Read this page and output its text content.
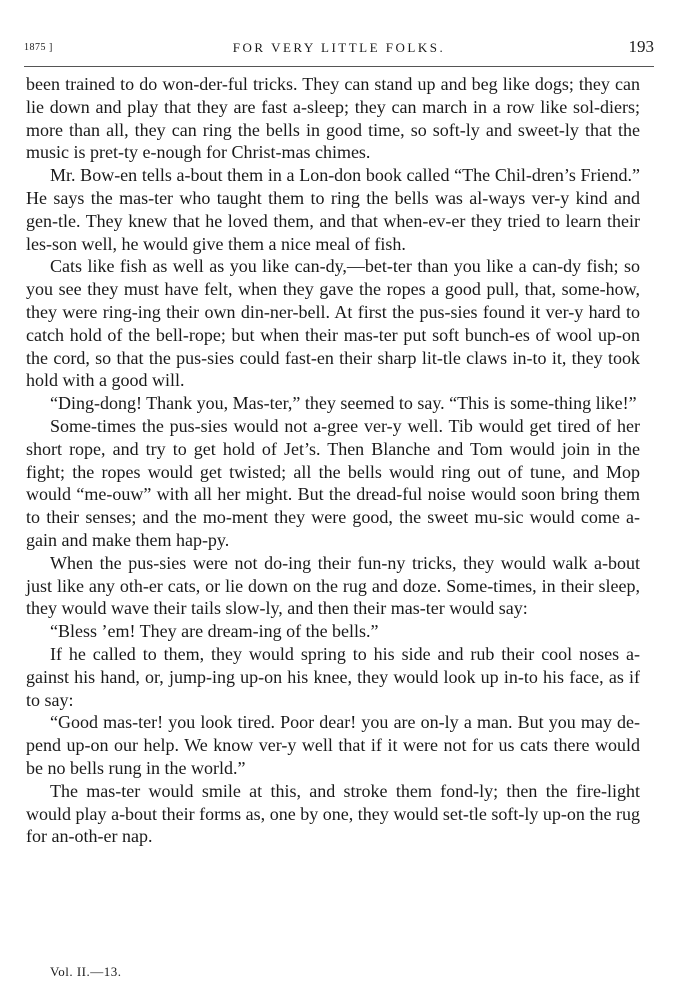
1875 ]	FOR VERY LITTLE FOLKS.	193

been trained to do won-der-ful tricks. They can stand up and beg like dogs; they can lie down and play that they are fast a-sleep; they can march in a row like sol-diers; more than all, they can ring the bells in good time, so soft-ly and sweet-ly that the music is pret-ty e-nough for Christ-mas chimes.

Mr. Bow-en tells a-bout them in a Lon-don book called “The Chil-dren’s Friend.” He says the mas-ter who taught them to ring the bells was al-ways ver-y kind and gen-tle. They knew that he loved them, and that when-ev-er they tried to learn their les-son well, he would give them a nice meal of fish.

Cats like fish as well as you like can-dy,—bet-ter than you like a can-dy fish; so you see they must have felt, when they gave the ropes a good pull, that, some-how, they were ring-ing their own din-ner-bell. At first the pus-sies found it ver-y hard to catch hold of the bell-rope; but when their mas-ter put soft bunch-es of wool up-on the cord, so that the pus-sies could fast-en their sharp lit-tle claws in-to it, they took hold with a good will.

“Ding-dong! Thank you, Mas-ter,” they seemed to say. “This is some-thing like!”

Some-times the pus-sies would not a-gree ver-y well. Tib would get tired of her short rope, and try to get hold of Jet’s. Then Blanche and Tom would join in the fight; the ropes would get twisted; all the bells would ring out of tune, and Mop would “me-ouw” with all her might. But the dread-ful noise would soon bring them to their senses; and the mo-ment they were good, the sweet mu-sic would come a-gain and make them hap-py.

When the pus-sies were not do-ing their fun-ny tricks, they would walk a-bout just like any oth-er cats, or lie down on the rug and doze. Some-times, in their sleep, they would wave their tails slow-ly, and then their mas-ter would say:

“Bless ’em! They are dream-ing of the bells.”

If he called to them, they would spring to his side and rub their cool noses a-gainst his hand, or, jump-ing up-on his knee, they would look up in-to his face, as if to say:

“Good mas-ter! you look tired. Poor dear! you are on-ly a man. But you may de-pend up-on our help. We know ver-y well that if it were not for us cats there would be no bells rung in the world.”

The mas-ter would smile at this, and stroke them fond-ly; then the fire-light would play a-bout their forms as, one by one, they would set-tle soft-ly up-on the rug for an-oth-er nap.

Vol. II.—13.
